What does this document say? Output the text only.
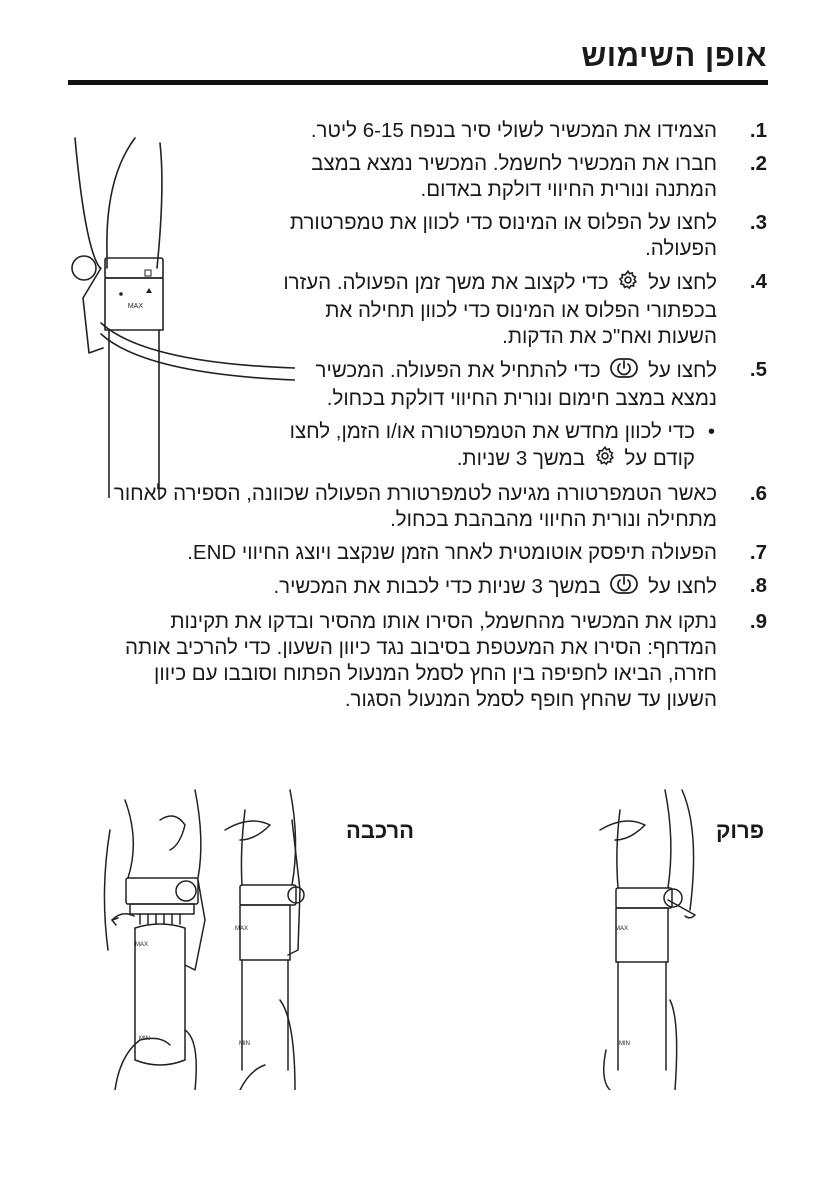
אופן השימוש
MAX
1.
הצמידו את המכשיר לשולי סיר בנפח 6-15 ליטר.
2.
חברו את המכשיר לחשמל. המכשיר נמצא במצב
המתנה ונורית החיווי דולקת באדום.
3.
לחצו על הפלוס או המינוס כדי לכוון את טמפרטורת
הפעולה.
4.
לחצו על  כדי לקצוב את משך זמן הפעולה. העזרו
בכפתורי הפלוס או המינוס כדי לכוון תחילה את
השעות ואח"כ את הדקות.
5.
לחצו על  כדי להתחיל את הפעולה. המכשיר
נמצא במצב חימום ונורית החיווי דולקת בכחול.
•
כדי לכוון מחדש את הטמפרטורה או/ו הזמן, לחצו
קודם על  במשך 3 שניות.
6.
כאשר הטמפרטורה מגיעה לטמפרטורת הפעולה שכוונה, הספירה לאחור
מתחילה ונורית החיווי מהבהבת בכחול.
7.
הפעולה תיפסק אוטומטית לאחר הזמן שנקצב ויוצג החיווי END.
8.
לחצו על  במשך 3 שניות כדי לכבות את המכשיר.
9.
נתקו את המכשיר מהחשמל, הסירו אותו מהסיר ובדקו את תקינות
המדחף: הסירו את המעטפת בסיבוב נגד כיוון השעון. כדי להרכיב אותה
חזרה, הביאו לחפיפה בין החץ לסמל המנעול הפתוח וסובבו עם כיוון
השעון עד שהחץ חופף לסמל המנעול הסגור.
MAX
MIN
MAX
MIN
MAX
MIN
הרכבה	פרוק
